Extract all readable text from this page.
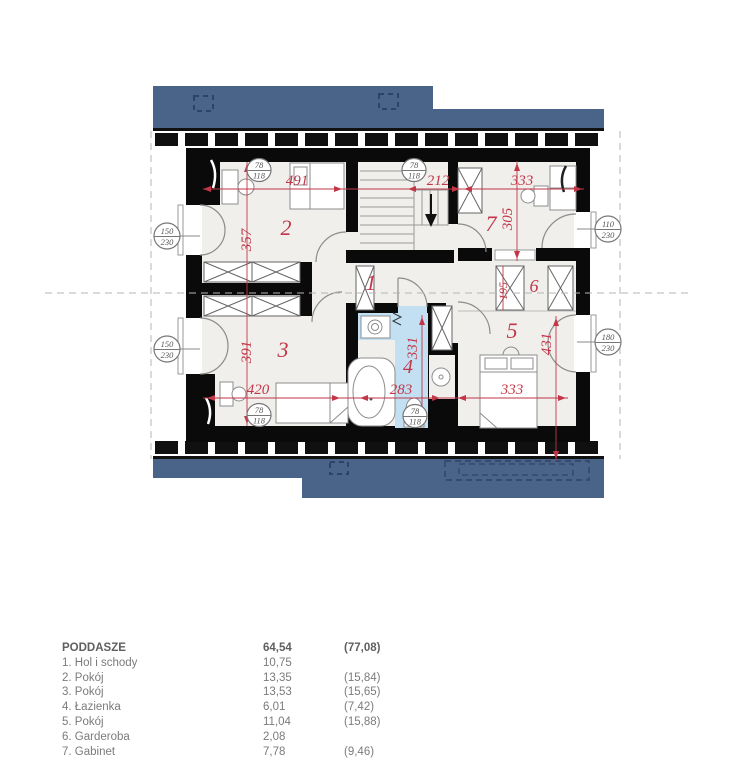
491	212	333
420	283	333
357
391
305
331	431
195
1
2
3
4
5
6
7
78
118
78
118
78
118
78
118
150
230
150
230
110
230
180
230
PODDASZE	64,54	(77,08)
1. Hol i schody	10,75
2. Pokój	13,35	(15,84)
3. Pokój	13,53	(15,65)
4. Łazienka	6,01	(7,42)
5. Pokój	11,04	(15,88)
6. Garderoba	2,08
7. Gabinet	7,78	(9,46)
